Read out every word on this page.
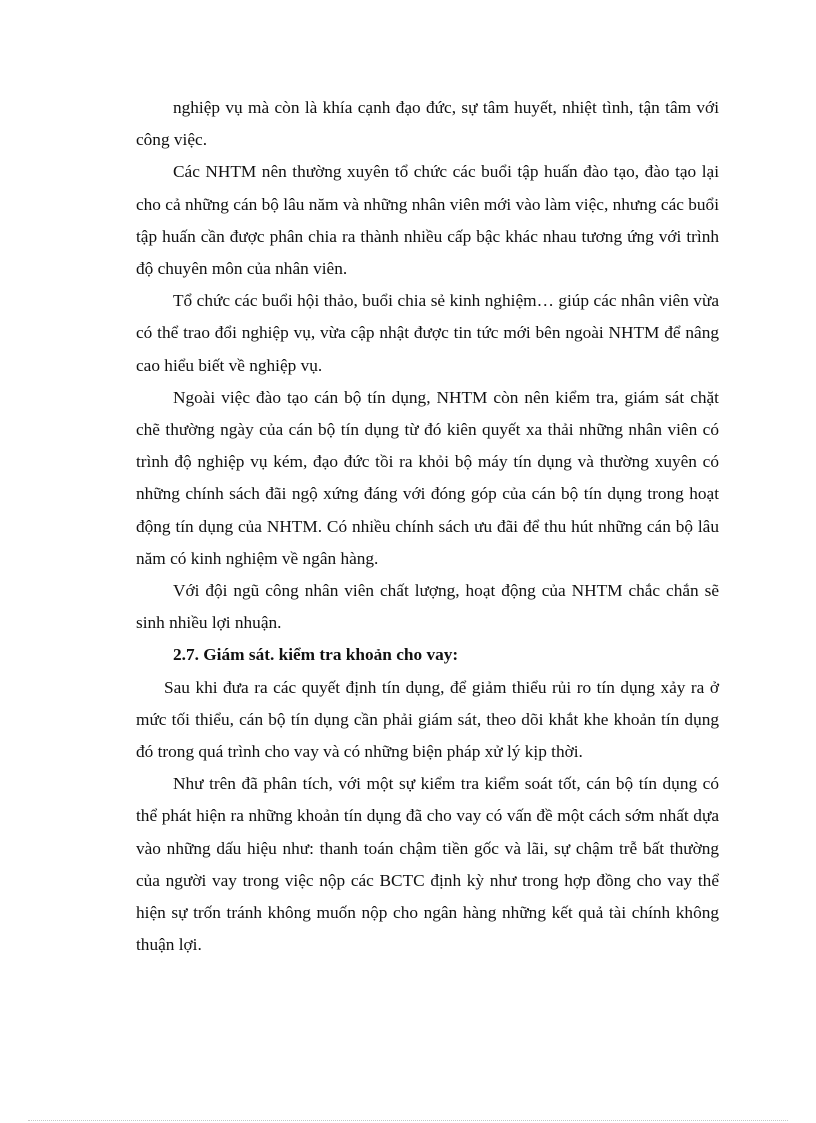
nghiệp vụ mà còn là khía cạnh đạo đức, sự tâm huyết, nhiệt tình, tận tâm với công việc.

Các NHTM nên thường xuyên tổ chức các buổi tập huấn đào tạo, đào tạo lại cho cả những cán bộ lâu năm và những nhân viên mới vào làm việc, nhưng các buổi tập huấn cần được phân chia ra thành nhiều cấp bậc khác nhau tương ứng với trình độ chuyên môn của nhân viên.

Tổ chức các buổi hội thảo, buổi chia sẻ kinh nghiệm… giúp các nhân viên vừa có thể trao đổi nghiệp vụ, vừa cập nhật được tin tức mới bên ngoài NHTM để nâng cao hiểu biết về nghiệp vụ.

Ngoài việc đào tạo cán bộ tín dụng, NHTM còn nên kiểm tra, giám sát chặt chẽ thường ngày của cán bộ tín dụng từ đó kiên quyết xa thải những nhân viên có trình độ nghiệp vụ kém, đạo đức tồi ra khỏi bộ máy tín dụng và thường xuyên có những chính sách đãi ngộ xứng đáng với đóng góp của cán bộ tín dụng trong hoạt động tín dụng của NHTM. Có nhiều chính sách ưu đãi để thu hút những cán bộ lâu năm có kinh nghiệm về ngân hàng.

Với đội ngũ công nhân viên chất lượng, hoạt động của NHTM chắc chắn sẽ sinh nhiều lợi nhuận.

2.7. Giám sát. kiểm tra khoản cho vay:

Sau khi đưa ra các quyết định tín dụng, để giảm thiểu rủi ro tín dụng xảy ra ở mức tối thiểu, cán bộ tín dụng cần phải giám sát, theo dõi khắt khe khoản tín dụng đó trong quá trình cho vay và có những biện pháp xử lý kịp thời.

Như trên đã phân tích, với một sự kiểm tra kiểm soát tốt, cán bộ tín dụng có thể phát hiện ra những khoản tín dụng đã cho vay có vấn đề một cách sớm nhất dựa vào những dấu hiệu như: thanh toán chậm tiền gốc và lãi, sự chậm trễ bất thường của người vay trong việc nộp các BCTC định kỳ như trong hợp đồng cho vay thể hiện sự trốn tránh không muốn nộp cho ngân hàng những kết quả tài chính không thuận lợi.
